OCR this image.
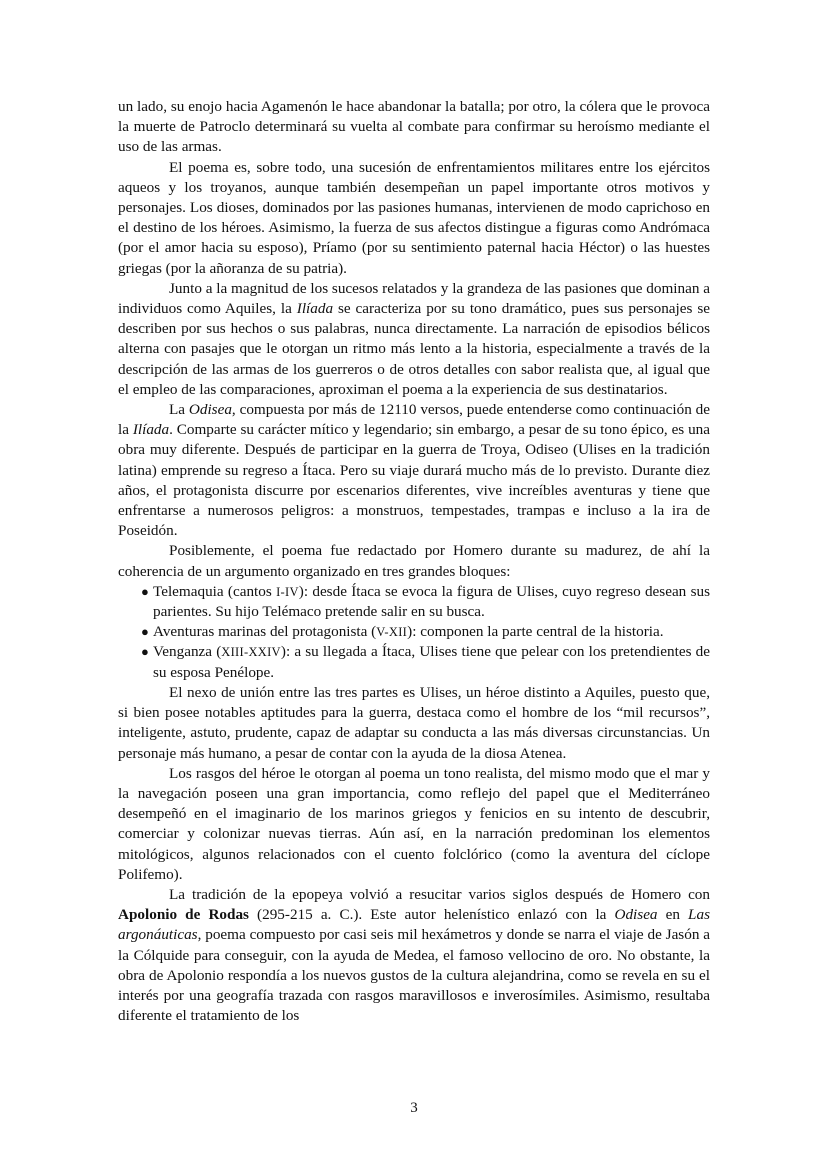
un lado, su enojo hacia Agamenón le hace abandonar la batalla; por otro, la cólera que le provoca la muerte de Patroclo determinará su vuelta al combate para confirmar su heroísmo mediante el uso de las armas.

El poema es, sobre todo, una sucesión de enfrentamientos militares entre los ejércitos aqueos y los troyanos, aunque también desempeñan un papel importante otros motivos y personajes. Los dioses, dominados por las pasiones humanas, intervienen de modo caprichoso en el destino de los héroes. Asimismo, la fuerza de sus afectos distingue a figuras como Andrómaca (por el amor hacia su esposo), Príamo (por su sentimiento paternal hacia Héctor) o las huestes griegas (por la añoranza de su patria).

Junto a la magnitud de los sucesos relatados y la grandeza de las pasiones que dominan a individuos como Aquiles, la Ilíada se caracteriza por su tono dramático, pues sus personajes se describen por sus hechos o sus palabras, nunca directamente. La narración de episodios bélicos alterna con pasajes que le otorgan un ritmo más lento a la historia, especialmente a través de la descripción de las armas de los guerreros o de otros detalles con sabor realista que, al igual que el empleo de las comparaciones, aproximan el poema a la experiencia de sus destinatarios.

La Odisea, compuesta por más de 12110 versos, puede entenderse como continuación de la Ilíada. Comparte su carácter mítico y legendario; sin embargo, a pesar de su tono épico, es una obra muy diferente. Después de participar en la guerra de Troya, Odiseo (Ulises en la tradición latina) emprende su regreso a Ítaca. Pero su viaje durará mucho más de lo previsto. Durante diez años, el protagonista discurre por escenarios diferentes, vive increíbles aventuras y tiene que enfrentarse a numerosos peligros: a monstruos, tempestades, trampas e incluso a la ira de Poseidón.

Posiblemente, el poema fue redactado por Homero durante su madurez, de ahí la coherencia de un argumento organizado en tres grandes bloques:

● Telemaquia (cantos I-IV): desde Ítaca se evoca la figura de Ulises, cuyo regreso desean sus parientes. Su hijo Telémaco pretende salir en su busca.
● Aventuras marinas del protagonista (V-XII): componen la parte central de la historia.
● Venganza (XIII-XXIV): a su llegada a Ítaca, Ulises tiene que pelear con los pretendientes de su esposa Penélope.

El nexo de unión entre las tres partes es Ulises, un héroe distinto a Aquiles, puesto que, si bien posee notables aptitudes para la guerra, destaca como el hombre de los “mil recursos”, inteligente, astuto, prudente, capaz de adaptar su conducta a las más diversas circunstancias. Un personaje más humano, a pesar de contar con la ayuda de la diosa Atenea.

Los rasgos del héroe le otorgan al poema un tono realista, del mismo modo que el mar y la navegación poseen una gran importancia, como reflejo del papel que el Mediterráneo desempeñó en el imaginario de los marinos griegos y fenicios en su intento de descubrir, comerciar y colonizar nuevas tierras. Aún así, en la narración predominan los elementos mitológicos, algunos relacionados con el cuento folclórico (como la aventura del cíclope Polifemo).

La tradición de la epopeya volvió a resucitar varios siglos después de Homero con Apolonio de Rodas (295-215 a. C.). Este autor helenístico enlazó con la Odisea en Las argonáuticas, poema compuesto por casi seis mil hexámetros y donde se narra el viaje de Jasón a la Cólquide para conseguir, con la ayuda de Medea, el famoso vellocino de oro. No obstante, la obra de Apolonio respondía a los nuevos gustos de la cultura alejandrina, como se revela en su el interés por una geografía trazada con rasgos maravillosos e inverosímiles. Asimismo, resultaba diferente el tratamiento de los

3
